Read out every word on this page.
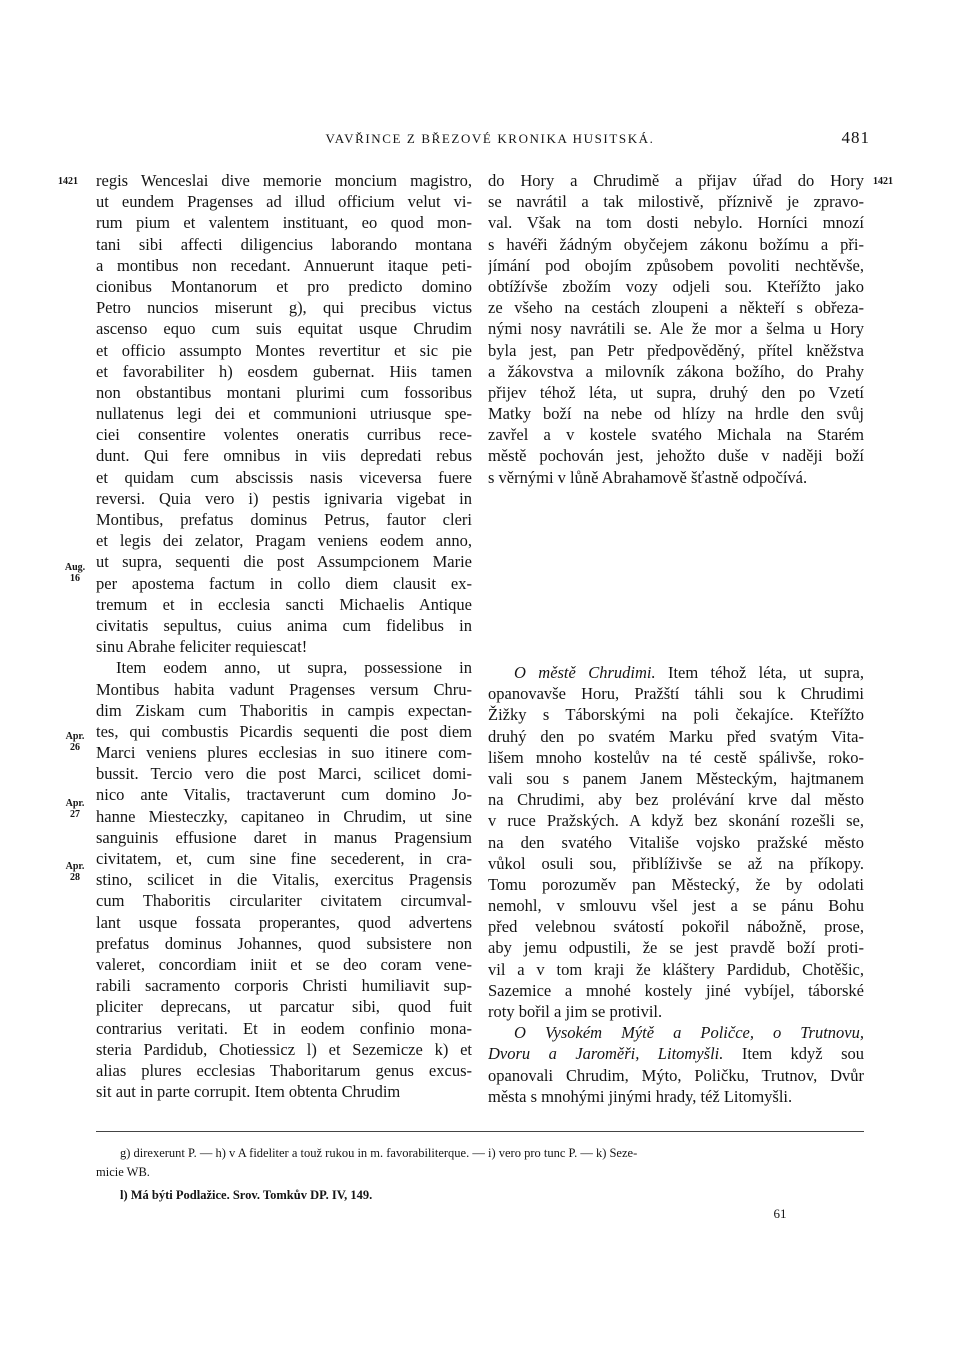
VAVŘINCE Z BŘEZOVÉ KRONIKA HUSITSKÁ.	481
1421	1421
Aug.
16
Apr.
26
Apr.
27
Apr.
28
regis Wenceslai dive memorie moncium magistro,
ut eundem Pragenses ad illud officium velut vi-
rum pium et valentem instituant, eo quod mon-
tani sibi affecti diligencius laborando montana
a montibus non recedant. Annuerunt itaque peti-
cionibus Montanorum et pro predicto domino
Petro nuncios miserunt g), qui precibus victus
ascenso equo cum suis equitat usque Chrudim
et officio assumpto Montes revertitur et sic pie
et favorabiliter h) eosdem gubernat. Hiis tamen
non obstantibus montani plurimi cum fossoribus
nullatenus legi dei et communioni utriusque spe-
ciei consentire volentes oneratis curribus rece-
dunt. Qui fere omnibus in viis depredati rebus
et quidam cum abscissis nasis viceversa fuere
reversi. Quia vero i) pestis ignivaria vigebat in
Montibus, prefatus dominus Petrus, fautor cleri
et legis dei zelator, Pragam veniens eodem anno,
ut supra, sequenti die post Assumpcionem Marie
per apostema factum in collo diem clausit ex-
tremum et in ecclesia sancti Michaelis Antique
civitatis sepultus, cuius anima cum fidelibus in
sinu Abrahe feliciter requiescat!
Item eodem anno, ut supra, possessione in
Montibus habita vadunt Pragenses versum Chru-
dim Ziskam cum Thaboritis in campis expectan-
tes, qui combustis Picardis sequenti die post diem
Marci veniens plures ecclesias in suo itinere com-
bussit. Tercio vero die post Marci, scilicet domi-
nico ante Vitalis, tractaverunt cum domino Jo-
hanne Miesteczky, capitaneo in Chrudim, ut sine
sanguinis effusione daret in manus Pragensium
civitatem, et, cum sine fine secederent, in cra-
stino, scilicet in die Vitalis, exercitus Pragensis
cum Thaboritis circulariter civitatem circumval-
lant usque fossata properantes, quod advertens
prefatus dominus Johannes, quod subsistere non
valeret, concordiam iniit et se deo coram vene-
rabili sacramento corporis Christi humiliavit sup-
pliciter deprecans, ut parcatur sibi, quod fuit
contrarius veritati. Et in eodem confinio mona-
steria Pardidub, Chotiessicz l) et Sezemicze k) et
alias plures ecclesias Thaboritarum genus excus-
sit aut in parte corrupit. Item obtenta Chrudim
do Hory a Chrudimě a přijav úřad do Hory
se navrátil a tak milostivě, příznivě je zpravo-
val. Však na tom dosti nebylo. Horníci mnozí
s havéři žádným obyčejem zákonu božímu a při-
jímání pod obojím způsobem povoliti nechtěvše,
obtížívše zbožím vozy odjeli sou. Kteřížto jako
ze všeho na cestách zloupeni a někteří s obřeza-
nými nosy navrátili se. Ale že mor a šelma u Hory
byla jest, pan Petr předpověděný, přítel kněžstva
a žákovstva a milovník zákona božího, do Prahy
přijev téhož léta, ut supra, druhý den po Vzetí
Matky boží na nebe od hlízy na hrdle den svůj
zavřel a v kostele svatého Michala na Starém
městě pochován jest, jehožto duše v naději boží
s věrnými v lůně Abrahamově šťastně odpočívá.
O městě Chrudimi. Item téhož léta, ut supra,
opanovavše Horu, Pražští táhli sou k Chrudimi
Žižky s Táborskými na poli čekajíce. Kteřížto
druhý den po svatém Marku před svatým Vita-
lišem mnoho kostelův na té cestě spálivše, roko-
vali sou s panem Janem Městeckým, hajtmanem
na Chrudimi, aby bez prolévání krve dal město
v ruce Pražských. A když bez skonání rozešli se,
na den svatého Vitališe vojsko pražské město
vůkol osuli sou, přiblíživše se až na příkopy.
Tomu porozuměv pan Městecký, že by odolati
nemohl, v smlouvu všel jest a se pánu Bohu
před velebnou svátostí pokořil nábožně, prose,
aby jemu odpustili, že se jest pravdě boží proti-
vil a v tom kraji že kláštery Pardidub, Chotěšic,
Sazemice a mnohé kostely jiné vybíjel, táborské
roty bořil a jim se protivil.
O Vysokém Mýtě a Poličce, o Trutnovu,
Dvoru a Jaroměři, Litomyšli. Item když sou
opanovali Chrudim, Mýto, Poličku, Trutnov, Dvůr
města s mnohými jinými hrady, též Litomyšli.
g) direxerunt P. — h) v A fideliter a touž rukou in m. favorabiliterque. — i) vero pro tunc P. — k) Seze-
micie WB.
l) Má býti Podlažice. Srov. Tomkův DP. IV, 149.
61
